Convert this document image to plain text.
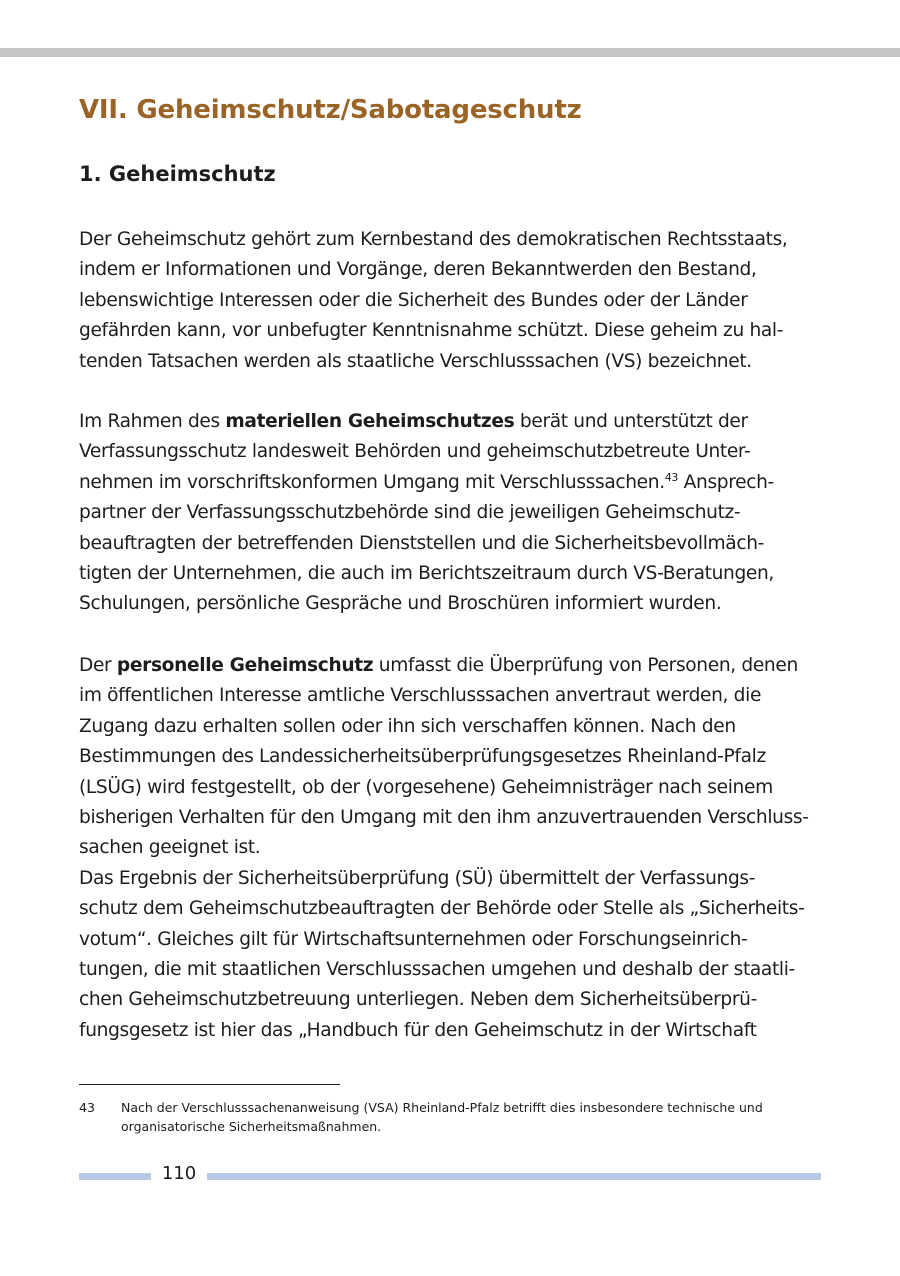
VII. Geheimschutz/Sabotageschutz
1. Geheimschutz

Der Geheimschutz gehört zum Kernbestand des demokratischen Rechtsstaats,
indem er Informationen und Vorgänge, deren Bekanntwerden den Bestand,
lebenswichtige Interessen oder die Sicherheit des Bundes oder der Länder
gefährden kann, vor unbefugter Kenntnisnahme schützt. Diese geheim zu hal-
tenden Tatsachen werden als staatliche Verschlusssachen (VS) bezeichnet.

Im Rahmen des materiellen Geheimschutzes berät und unterstützt der
Verfassungsschutz landesweit Behörden und geheimschutzbetreute Unter-
nehmen im vorschriftskonformen Umgang mit Verschlusssachen.$^{43}$ Ansprech-
partner der Verfassungsschutzbehörde sind die jeweiligen Geheimschutz-
beauftragten der betreffenden Dienststellen und die Sicherheitsbevollmäch-
tigten der Unternehmen, die auch im Berichtszeitraum durch VS-Beratungen,
Schulungen, persönliche Gespräche und Broschüren informiert wurden.

Der personelle Geheimschutz umfasst die Überprüfung von Personen, denen
im öffentlichen Interesse amtliche Verschlusssachen anvertraut werden, die
Zugang dazu erhalten sollen oder ihn sich verschaffen können. Nach den
Bestimmungen des Landessicherheitsüberprüfungsgesetzes Rheinland-Pfalz
(LSÜG) wird festgestellt, ob der (vorgesehene) Geheimnisträger nach seinem
bisherigen Verhalten für den Umgang mit den ihm anzuvertrauenden Verschluss-
sachen geeignet ist.
Das Ergebnis der Sicherheitsüberprüfung (SÜ) übermittelt der Verfassungs-
schutz dem Geheimschutzbeauftragten der Behörde oder Stelle als „Sicherheits-
votum“. Gleiches gilt für Wirtschaftsunternehmen oder Forschungseinrich-
tungen, die mit staatlichen Verschlusssachen umgehen und deshalb der staatli-
chen Geheimschutzbetreuung unterliegen. Neben dem Sicherheitsüberprü-
fungsgesetz ist hier das „Handbuch für den Geheimschutz in der Wirtschaft

43 Nach der Verschlusssachenanweisung (VSA) Rheinland-Pfalz betrifft dies insbesondere technische und
organisatorische Sicherheitsmaßnahmen.
110
